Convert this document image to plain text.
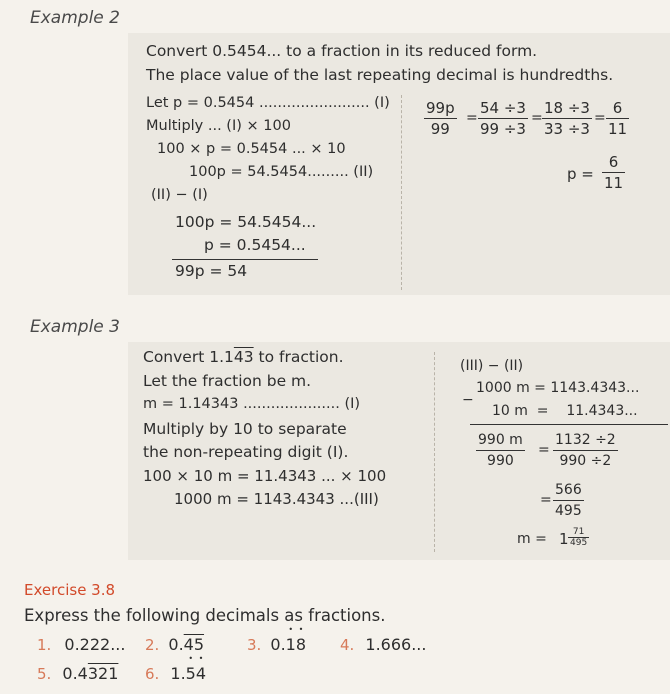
Example 2
Convert 0.5454... to a fraction in its reduced form.
The place value of the last repeating decimal is hundredths.
Let p = 0.5454 ........................ (I)
Multiply ... (I) × 100
100 × p = 0.5454 ... × 10
100p = 54.5454......... (II)
(II) − (I)
100p = 54.5454...
p = 0.5454...
99p = 54
$\frac{99p}{99} = \frac{54 \div 3}{99 \div 3} = \frac{18 \div 3}{33 \div 3} = \frac{6}{11}$
$p = \frac{6}{11}$
Example 3
Convert 1.143 to fraction.
Let the fraction be m.
m = 1.14343 ..................... (I)
Multiply by 10 to separate
the non-repeating digit (I).
100 × 10 m = 11.4343 ... × 100
1000 m = 1143.4343 ...(III)
(III) − (II)
1000 m = 1143.4343...
−
10 m  =    11.4343...
$\frac{990 m}{990} = \frac{1132 \div 2}{990 \div 2}$
= $\frac{566}{495}$
$m = 1 \frac{71}{495}$
Exercise 3.8
Express the following decimals as fractions.
1. 0.222... 2. 0.45	3. 0.• 1• 8 4. 1.666...
5. 0.4321 6. 1.• 5• 4
